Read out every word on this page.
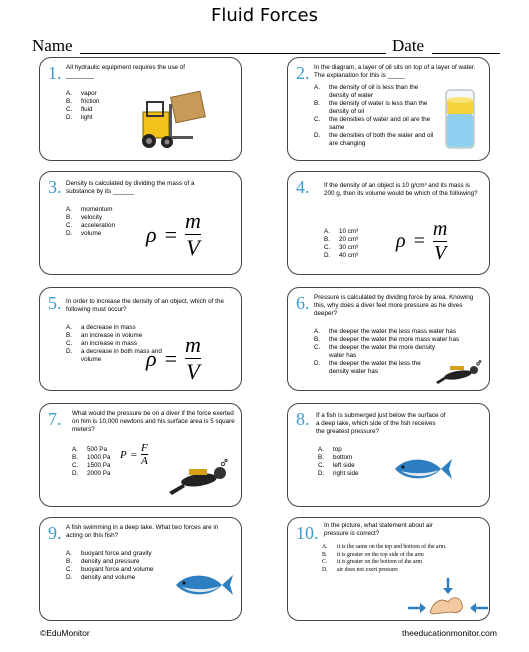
Fluid Forces
Name	Date
1. All hydraulic equipment requires the use of ________
A.	vapor
B.	friction
C.	fluid
D.	light
2. In the diagram, a layer of oil sits on top of a layer of water. The explanation for this is _____
A.	the density of oil is less than the density of water
B.	the density of water is less than the density of oil
C.	the densities of water and oil are the same
D.	the densities of both the water and oil are changing
3. Density is calculated by dividing the mass of a substance by its ______
A.	momentum
B.	velocity
C.	acceleration
D.	volume $\rho = \frac{m}{V}$
4. If the density of an object is 10 g/cm³ and its mass is 200 g, then its volume would be which of the following?
A.	10 cm³
B.	20 cm³
C.	30 cm³
D.	40 cm³
$\rho = \frac{m}{V}$
5. In order to increase the density of an object, which of the following must occur?
A.	a decrease in mass
B.	an increase in volume
C.	an increase in mass
D.	a decrease in both mass and volume	$\rho = \frac{m}{V}$
6. Pressure is calculated by dividing force by area. Knowing this, why does a diver feel more pressure as he dives deeper?
A.	the deeper the water the less mass water has
B.	the deeper the water the more mass water has
C.	the deeper the water the more density water has
D.	the deeper the water the less the density water has
7. What would the pressure be on a diver if the force exerted on him is 10,000 newtons and his surface area is 5 square meters?
A.	500 Pa
B.	1000 Pa
C.	1500 Pa
D.	2000 Pa
$P = \frac{F}{A}$
8. If a fish is submerged just below the surface of a deep lake, which side of the fish receives the greatest pressure?
A.	top
B.	bottom
C.	left side
D.	right side
9. A fish swimming in a deep lake. What two forces are in acting on this fish?
A.	buoyant force and gravity
B.	density and pressure
C.	buoyant force and volume
D.	density and volume
10. In the picture, what statement about air pressure is correct?
A.	it is the same on the top and bottom of the arm.
B.	it is greater on the top side of the arm
C.	it is greater on the bottom of the arm
D.	air does not exert pressure
©EduMonitor	theeducationmonitor.com
